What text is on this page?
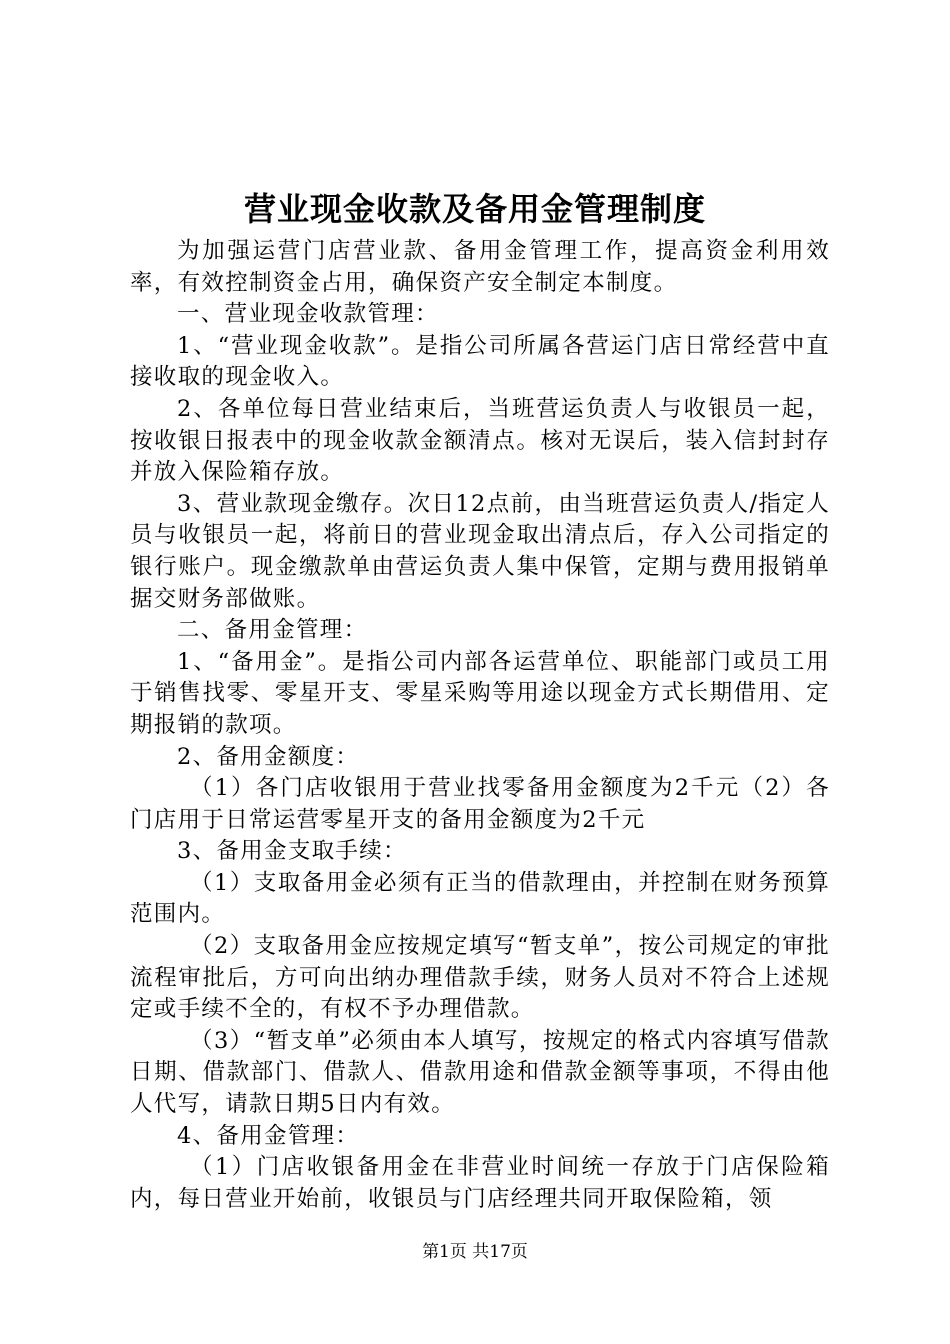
营业现金收款及备用金管理制度

为加强运营门店营业款、备用金管理工作，提高资金利用效率，有效控制资金占用，确保资产安全制定本制度。

一、营业现金收款管理：

1、“营业现金收款”。是指公司所属各营运门店日常经营中直接收取的现金收入。

2、各单位每日营业结束后，当班营运负责人与收银员一起，按收银日报表中的现金收款金额清点。核对无误后，装入信封封存并放入保险箱存放。

3、营业款现金缴存。次日12点前，由当班营运负责人/指定人员与收银员一起，将前日的营业现金取出清点后，存入公司指定的银行账户。现金缴款单由营运负责人集中保管，定期与费用报销单据交财务部做账。

二、备用金管理：

1、“备用金”。是指公司内部各运营单位、职能部门或员工用于销售找零、零星开支、零星采购等用途以现金方式长期借用、定期报销的款项。

2、备用金额度：

（1）各门店收银用于营业找零备用金额度为2千元（2）各门店用于日常运营零星开支的备用金额度为2千元

3、备用金支取手续：

（1）支取备用金必须有正当的借款理由，并控制在财务预算范围内。

（2）支取备用金应按规定填写“暂支单”，按公司规定的审批流程审批后，方可向出纳办理借款手续，财务人员对不符合上述规定或手续不全的，有权不予办理借款。

（3）“暂支单”必须由本人填写，按规定的格式内容填写借款日期、借款部门、借款人、借款用途和借款金额等事项，不得由他人代写，请款日期5日内有效。

4、备用金管理：

（1）门店收银备用金在非营业时间统一存放于门店保险箱内，每日营业开始前，收银员与门店经理共同开取保险箱，领

第1页 共17页
